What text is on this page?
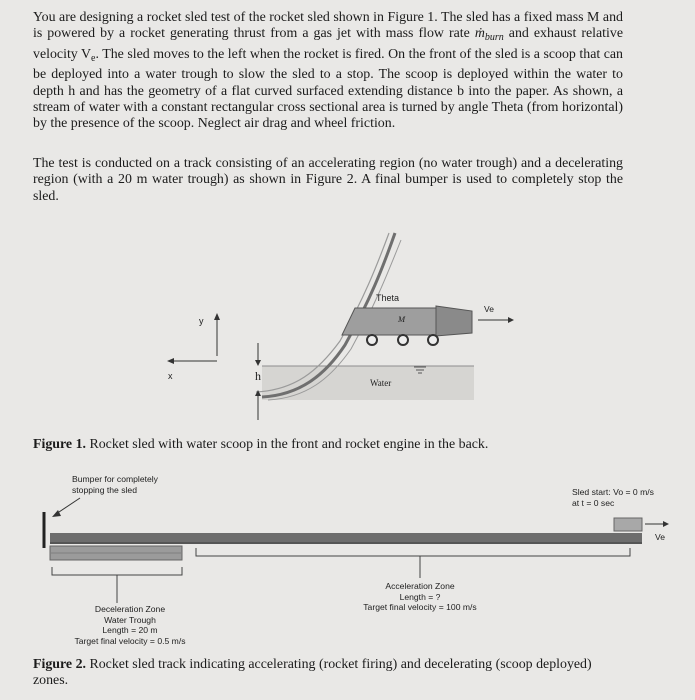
You are designing a rocket sled test of the rocket sled shown in Figure 1. The sled has a fixed mass M and is powered by a rocket generating thrust from a gas jet with mass flow rate ṁ$_{burn}$ and exhaust relative velocity $V_e$. The sled moves to the left when the rocket is fired. On the front of the sled is a scoop that can be deployed into a water trough to slow the sled to a stop. The scoop is deployed within the water to depth h and has the geometry of a flat curved surfaced extending distance b into the paper. As shown, a stream of water with a constant rectangular cross sectional area is turned by angle Theta (from horizontal) by the presence of the scoop. Neglect air drag and wheel friction.

The test is conducted on a track consisting of an accelerating region (no water trough) and a decelerating region (with a 20 m water trough) as shown in Figure 2. A final bumper is used to completely stop the sled.

Theta
M
Ve
y
x	h	Water

Figure 1. Rocket sled with water scoop in the front and rocket engine in the back.

Bumper for completely
stopping the sled	Sled start: Vo = 0 m/s
at t = 0 sec
Ve
Acceleration Zone
Length = ?
Target final velocity = 100 m/s
Deceleration Zone
Water Trough
Length = 20 m
Target final velocity = 0.5 m/s

Figure 2. Rocket sled track indicating accelerating (rocket firing) and decelerating (scoop deployed) zones.
